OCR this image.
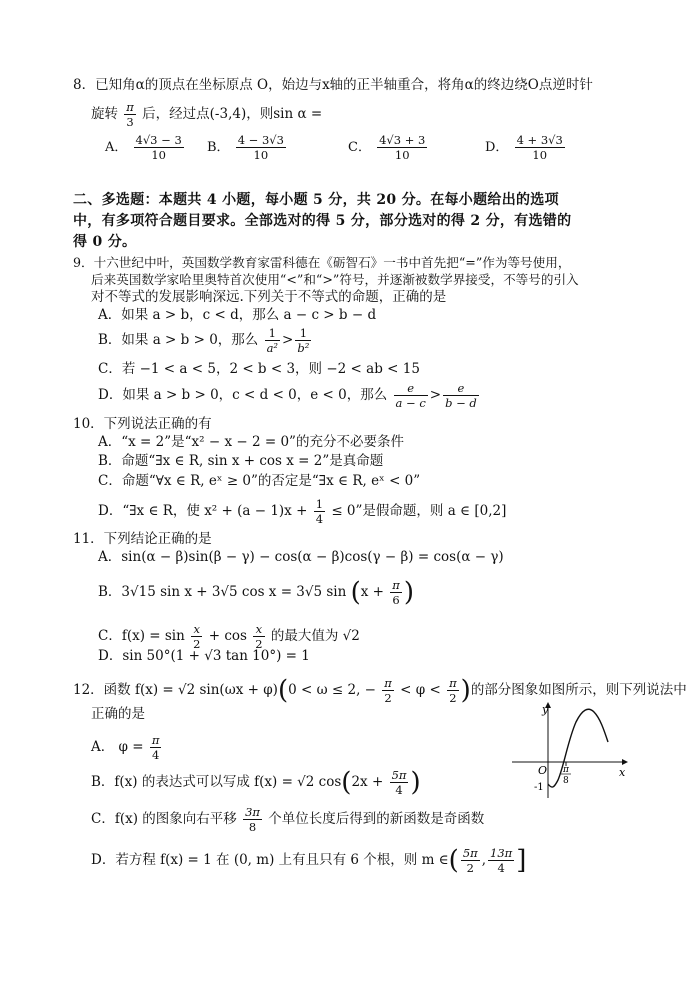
8．已知角α的顶点在坐标原点 O，始边与x轴的正半轴重合，将角α的终边绕O点逆时针
旋转 $\frac{\pi}{3}$ 后，经过点(-3,4)，则sin α =
A． $\frac{4√3 - 3}{10}$ B． $\frac{4 - 3√3}{10}$	C． $\frac{4√3 + 3}{10}$	D． $\frac{4 + 3√3}{10}$
二、多选题：本题共 4 小题，每小题 5 分，共 20 分。在每小题给出的选项
中，有多项符合题目要求。全部选对的得 5 分，部分选对的得 2 分，有选错的
得 0 分。
9．十六世纪中叶，英国数学教育家雷科德在《砺智石》一书中首先把“=”作为等号使用，
后来英国数学家哈里奥特首次使用“<”和“>”符号，并逐渐被数学界接受，不等号的引入
对不等式的发展影响深远.下列关于不等式的命题，正确的是
A．如果 a > b，c < d，那么 a − c > b − d
B．如果 a > b > 0，那么 $\frac{1}{\text{a²}} > \frac{1}{\text{b²}}$
C．若 −1 < a < 5，2 < b < 3，则 −2 < ab < 15
D．如果 a > b > 0，c < d < 0，e < 0，那么 $\frac{e}{a - c} > \frac{e}{b - d}$
10．下列说法正确的有
A．“x = 2”是“x² − x − 2 = 0”的充分不必要条件
B．命题“∃x ∈ R, sin x + cos x = 2”是真命题
C．命题“∀x ∈ R, eˣ ≥ 0”的否定是“∃x ∈ R, eˣ < 0”
D．“∃x ∈ R，使 $x^2 + (a - 1)x + \frac{1}{4} \le 0$”是假命题，则 a ∈ [0,2]
11．下列结论正确的是
A．sin(α − β)sin(β − γ) − cos(α − β)cos(γ − β) = cos(α − γ)
B．3√15 sin x + 3√5 cos x = 3√5 $\sin (x + \frac{\pi}{6}$ )
C．$f(x) = \sin \frac{x}{2} + \cos \frac{x}{2}$ 的最大值为 √2
D．sin 50°(1 + √3 tan 10°) = 1
12．函数 f(x) = √2 sin(ωx + φ)(0 < ω ≤ 2, − $\frac{\pi}{2} < \varphi < \frac{\pi}{2}$ )的部分图象如图所示，则下列说法中
正确的是
A． $\varphi = \frac{\pi}{4}$
B．f(x) 的表达式可以写成 f(x) = √2 $\cos(2x + \frac{5\pi}{4}$ )
C．f(x) 的图象向右平移 $\frac{3\pi}{8}$ 个单位长度后得到的新函数是奇函数
D．若方程 f(x) = 1 在 (0, m) 上有且只有 6 个根，则 m ∈( $\frac{5\pi}{2}$ , $\frac{13\pi}{4}$ ]
y
x
O π
8
-1
